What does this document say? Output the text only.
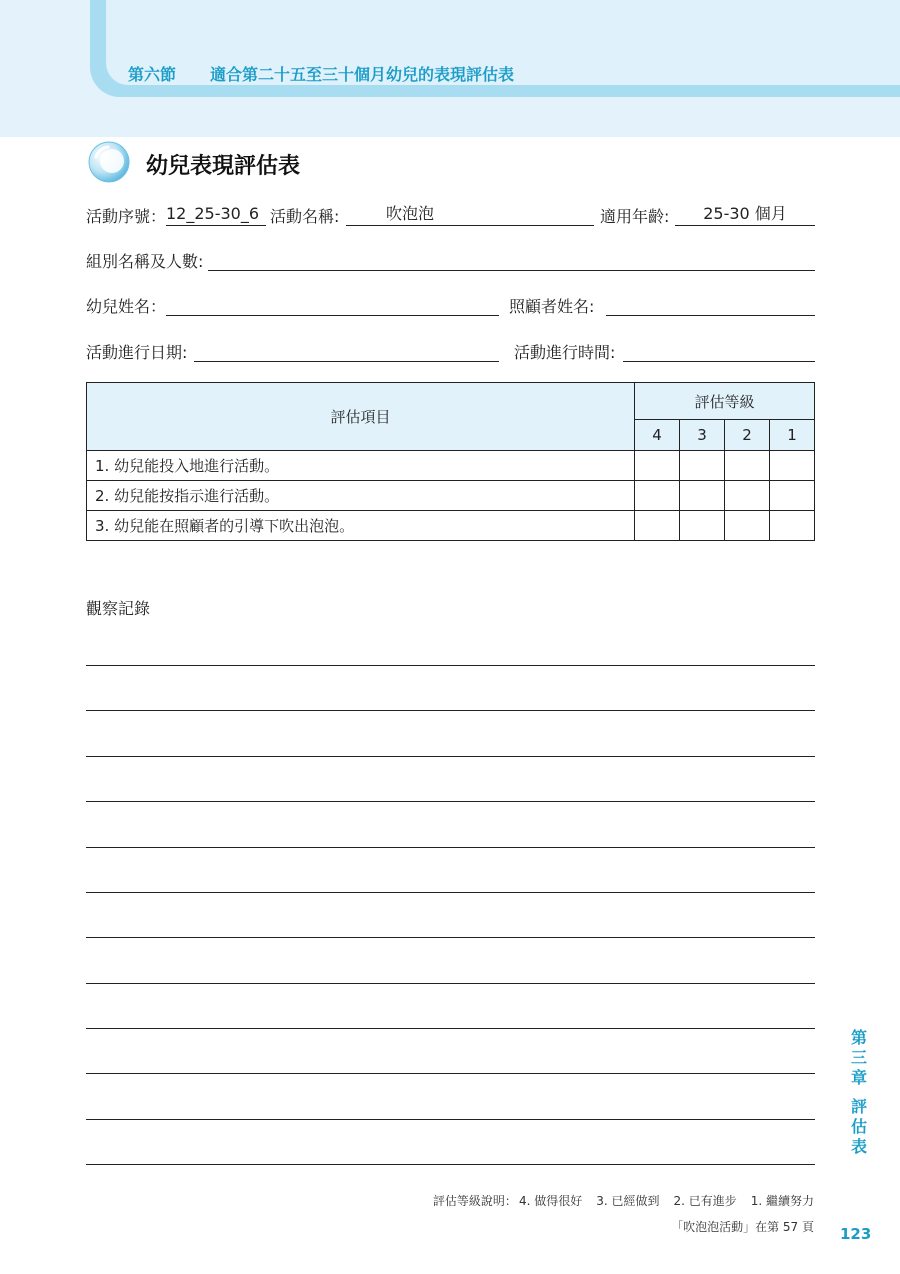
第六節 適合第二十五至三十個月幼兒的表現評估表
幼兒表現評估表
活動序號： 12_25-30_6 活動名稱:	吹泡泡	適用年齡:	25-30 個月
組別名稱及人數:
幼兒姓名：	照顧者姓名:
活動進行日期:	活動進行時間:
評估項目	評估等級			
	4	3	2	1
1. 幼兒能投入地進行活動。				
2. 幼兒能按指示進行活動。				
3. 幼兒能在照顧者的引導下吹出泡泡。				
觀察記錄
第三章
評估表
評估等級說明： 4. 做得很好 3. 已經做到 2. 已有進步 1. 繼續努力
「吹泡泡活動」在第 57 頁 123
